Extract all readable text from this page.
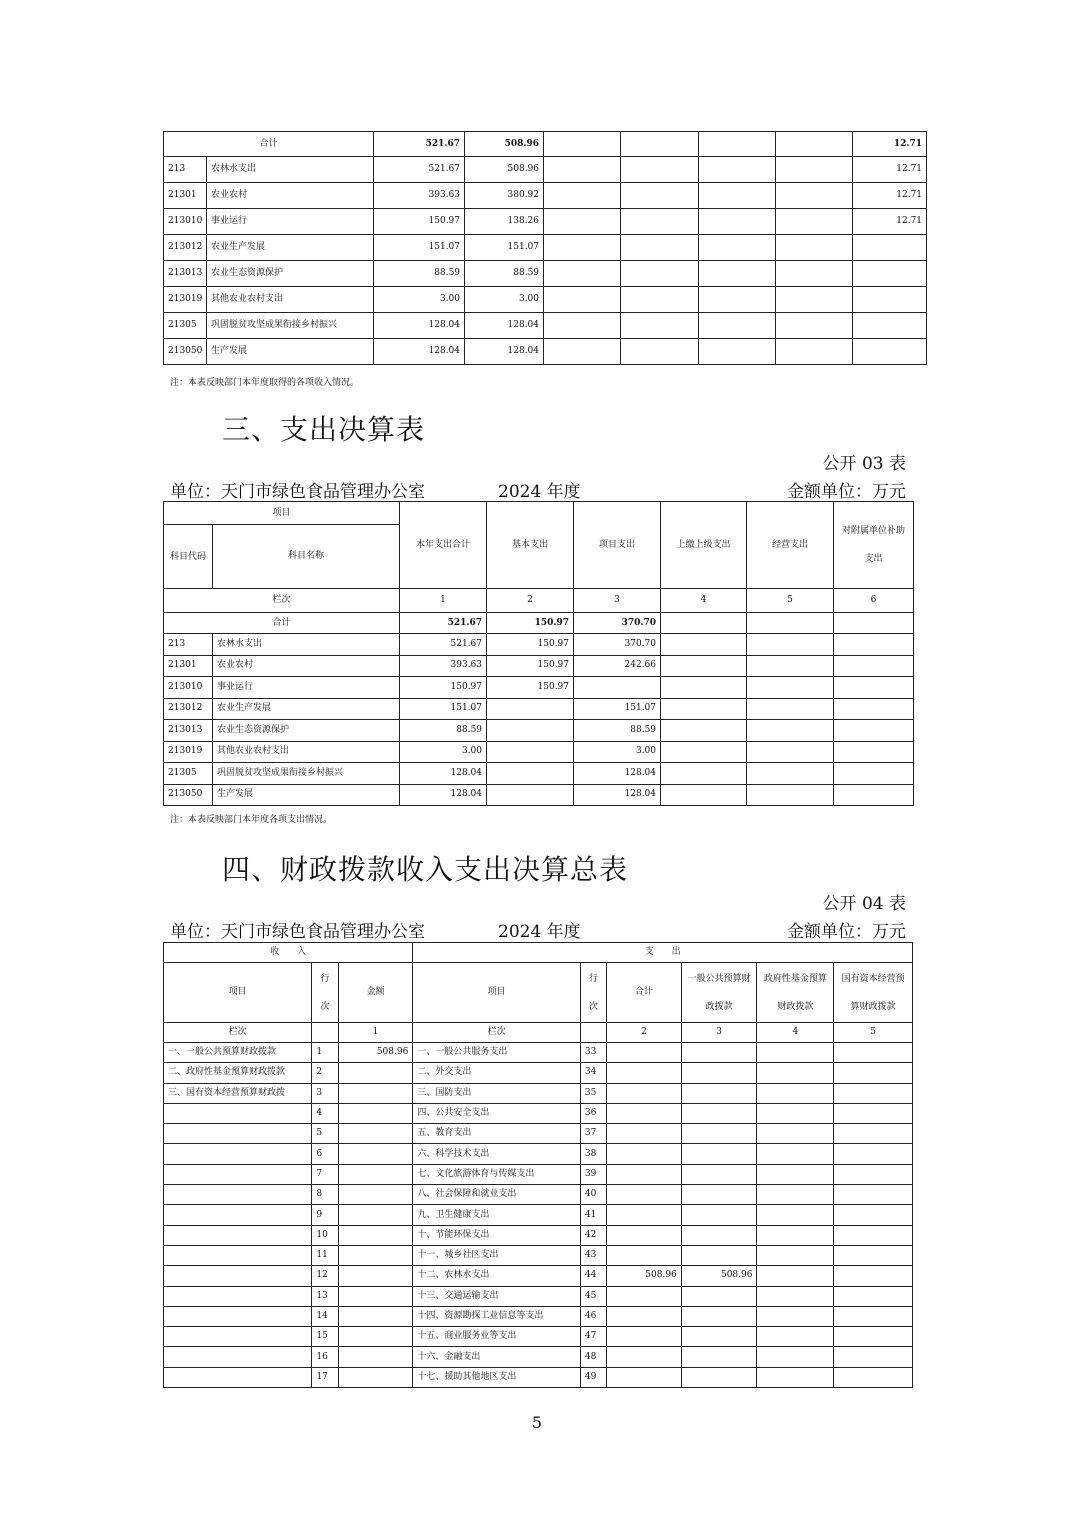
合计		521.67	508.96					12.71
213	农林水支出	521.67	508.96					12.71
21301	农业农村	393.63	380.92					12.71
213010	事业运行	150.97	138.26					12.71
213012	农业生产发展	151.07	151.07					
213013	农业生态资源保护	88.59	88.59					
213019	其他农业农村支出	3.00	3.00					
21305	巩固脱贫攻坚成果衔接乡村振兴	128.04	128.04					
213050	生产发展	128.04	128.04					
注：本表反映部门本年度取得的各项收入情况。
三、支出决算表
公开 03 表
单位：天门市绿色食品管理办公室	2024 年度	金额单位：万元
项目		本年支出合计	基本支出	项目支出	上缴上级支出	经营支出	对附属单位补助支出
科目代码	科目名称						
栏次		1	2	3	4	5	6
合计		521.67	150.97	370.70			
213	农林水支出	521.67	150.97	370.70			
21301	农业农村	393.63	150.97	242.66			
213010	事业运行	150.97	150.97				
213012	农业生产发展	151.07		151.07			
213013	农业生态资源保护	88.59		88.59			
213019	其他农业农村支出	3.00		3.00			
21305	巩固脱贫攻坚成果衔接乡村振兴	128.04		128.04			
213050	生产发展	128.04		128.04			
注：本表反映部门本年度各项支出情况。
四、财政拨款收入支出决算总表
公开 04 表
单位：天门市绿色食品管理办公室	2024 年度	金额单位：万元
收　　入			支　　出					
项目	行次	金额	项目	行次	合计	一般公共预算财政拨款	政府性基金预算财政拨款	国有资本经营预算财政拨款
栏次		1	栏次		2	3	4	5
一、一般公共预算财政拨款	1	508.96	一、一般公共服务支出	33				
二、政府性基金预算财政拨款	2		二、外交支出	34				
三、国有资本经营预算财政拨	3		三、国防支出	35				
	4		四、公共安全支出	36				
	5		五、教育支出	37				
	6		六、科学技术支出	38				
	7		七、文化旅游体育与传媒支出	39				
	8		八、社会保障和就业支出	40				
	9		九、卫生健康支出	41				
	10		十、节能环保支出	42				
	11		十一、城乡社区支出	43				
	12		十二、农林水支出	44	508.96	508.96		
	13		十三、交通运输支出	45				
	14		十四、资源勘探工业信息等支出	46				
	15		十五、商业服务业等支出	47				
	16		十六、金融支出	48				
	17		十七、援助其他地区支出	49				
5
